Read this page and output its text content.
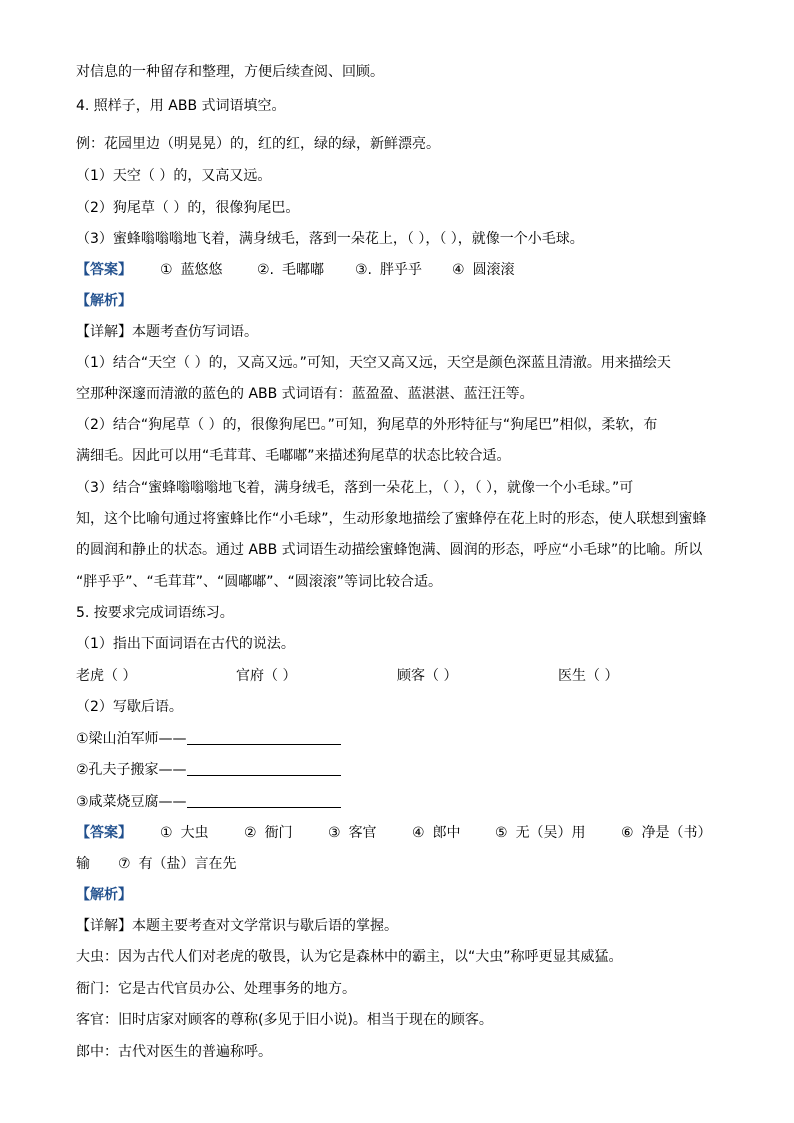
对信息的一种留存和整理，方便后续查阅、回顾。
4. 照样子，用 ABB 式词语填空。
例：花园里边（明晃晃）的，红的红，绿的绿，新鲜漂亮。
（1）天空（ ）的，又高又远。
（2）狗尾草（ ）的，很像狗尾巴。
（3）蜜蜂嗡嗡嗡地飞着，满身绒毛，落到一朵花上，（ ），（ ），就像一个小毛球。
【答案】 ① 蓝悠悠 ②. 毛嘟嘟 ③. 胖乎乎 ④ 圆滚滚
【解析】
【详解】本题考查仿写词语。
（1）结合“天空（ ）的，又高又远。”可知，天空又高又远，天空是颜色深蓝且清澈。用来描绘天
空那种深邃而清澈的蓝色的 ABB 式词语有：蓝盈盈、蓝湛湛、蓝汪汪等。
（2）结合“狗尾草（ ）的，很像狗尾巴。”可知，狗尾草的外形特征与“狗尾巴”相似，柔软，布
满细毛。因此可以用“毛茸茸、毛嘟嘟”来描述狗尾草的状态比较合适。
（3）结合“蜜蜂嗡嗡嗡地飞着，满身绒毛，落到一朵花上，（ ），（ ），就像一个小毛球。”可
知，这个比喻句通过将蜜蜂比作“小毛球”，生动形象地描绘了蜜蜂停在花上时的形态，使人联想到蜜蜂
的圆润和静止的状态。通过 ABB 式词语生动描绘蜜蜂饱满、圆润的形态，呼应“小毛球”的比喻。所以
“胖乎乎”、“毛茸茸”、“圆嘟嘟”、“圆滚滚”等词比较合适。
5. 按要求完成词语练习。
（1）指出下面词语在古代的说法。
老虎（ ）	官府（ ）	顾客（ ）	医生（ ）
（2）写歇后语。
①梁山泊军师——
②孔夫子搬家——
③咸菜烧豆腐——
【答案】 ① 大虫	② 衙门	③ 客官	④ 郎中 ⑤ 无（吴）用	⑥ 净是（书）
输 ⑦ 有（盐）言在先
【解析】
【详解】本题主要考查对文学常识与歇后语的掌握。
大虫：因为古代人们对老虎的敬畏，认为它是森林中的霸主，以“大虫”称呼更显其威猛。
衙门：它是古代官员办公、处理事务的地方。
客官：旧时店家对顾客的尊称(多见于旧小说)。相当于现在的顾客。
郎中：古代对医生的普遍称呼。
